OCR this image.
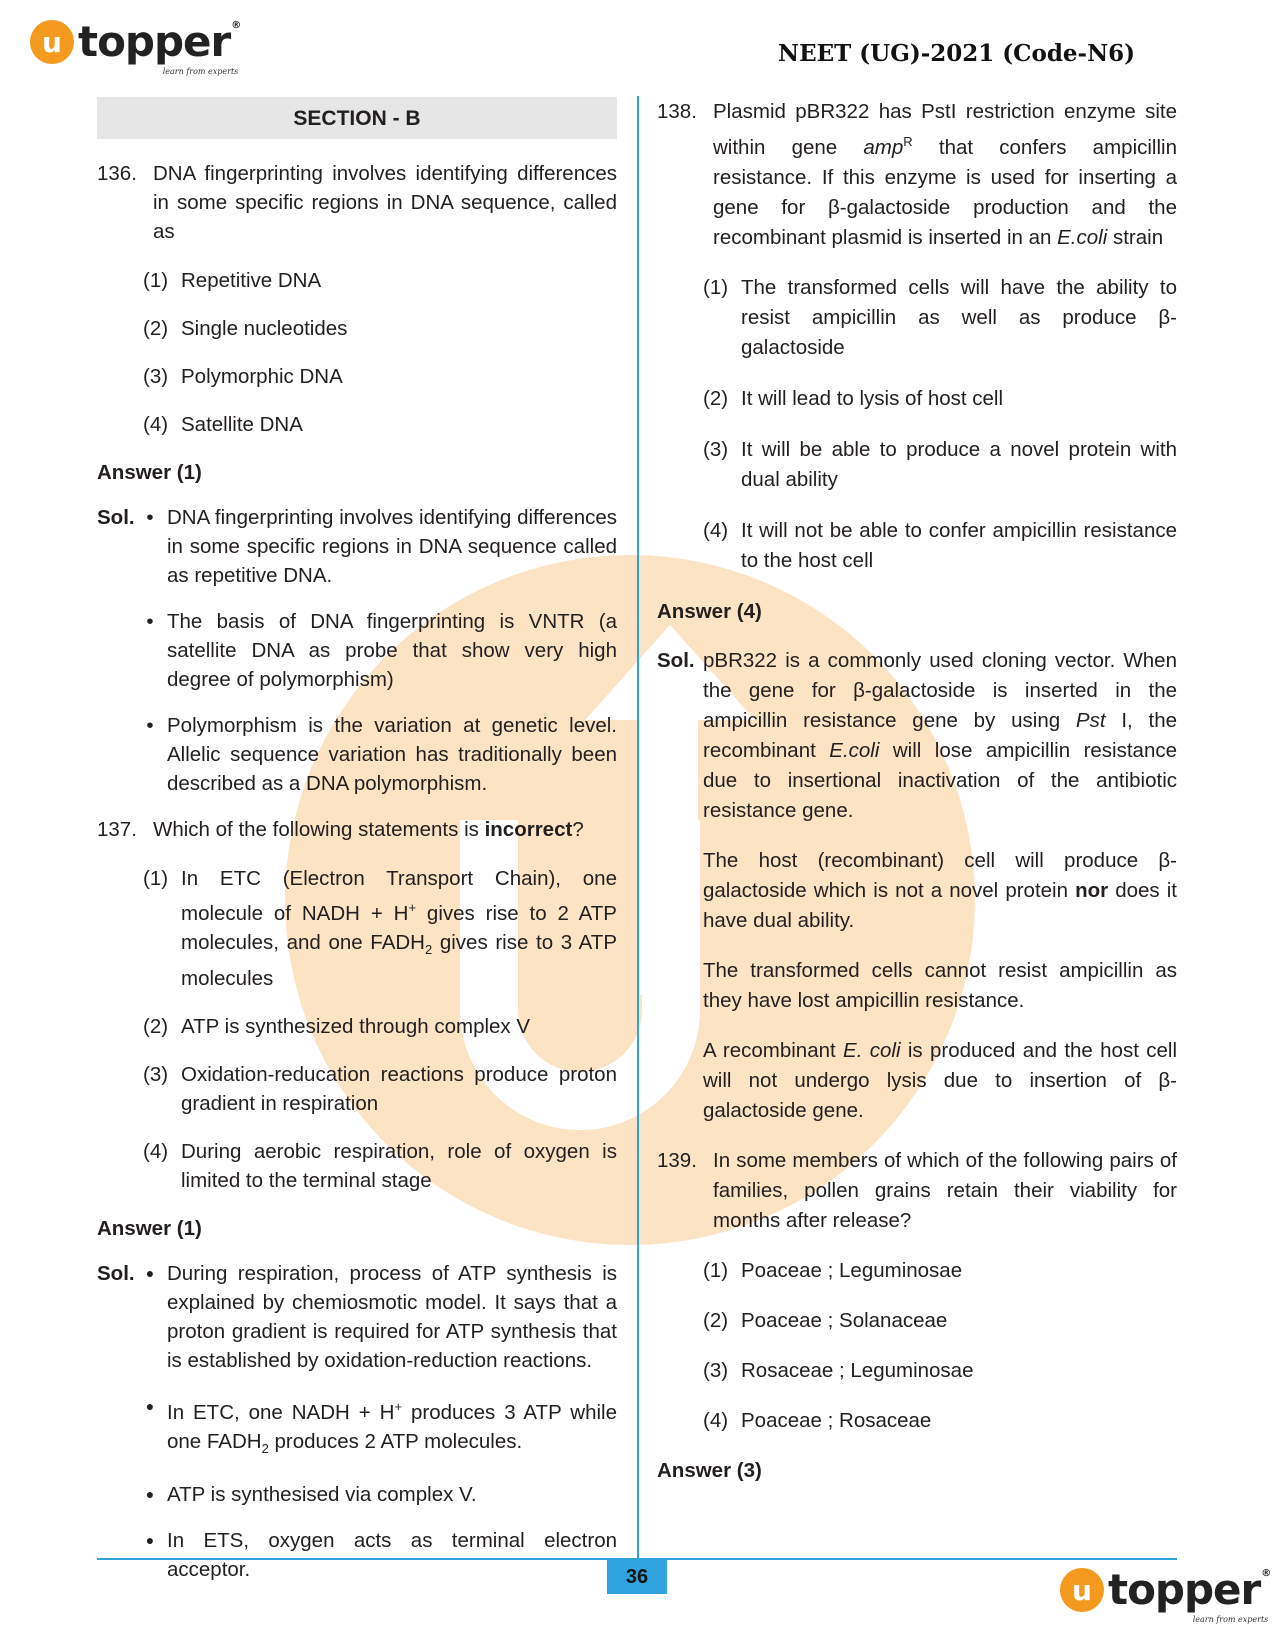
u topper®
learn from experts
NEET (UG)-2021 (Code-N6)
36	u topper®
learn from experts
SECTION - B
136. DNA fingerprinting involves identifying differences in some specific regions in DNA sequence, called as
(1) Repetitive DNA
(2) Single nucleotides
(3) Polymorphic DNA
(4) Satellite DNA
Answer (1)
Sol. • DNA fingerprinting involves identifying differences in some specific regions in DNA sequence called as repetitive DNA.
• The basis of DNA fingerprinting is VNTR (a satellite DNA as probe that show very high degree of polymorphism)
• Polymorphism is the variation at genetic level. Allelic sequence variation has traditionally been described as a DNA polymorphism.
137. Which of the following statements is incorrect?
(1) In ETC (Electron Transport Chain), one molecule of NADH + H+ gives rise to 2 ATP molecules, and one $FADH_2$ gives rise to 3 ATP molecules
(2) ATP is synthesized through complex V
(3) Oxidation-reducation reactions produce proton gradient in respiration
(4) During aerobic respiration, role of oxygen is limited to the terminal stage
Answer (1)
Sol. ● During respiration, process of ATP synthesis is explained by chemiosmotic model. It says that a proton gradient is required for ATP synthesis that is established by oxidation-reduction reactions.
● In ETC, one NADH + H+ produces 3 ATP while one $FADH_2$ produces 2 ATP molecules.
● ATP is synthesised via complex V.
● In ETS, oxygen acts as terminal electron acceptor.
138. Plasmid pBR322 has PstI restriction enzyme site within gene amp$^R$ that confers ampicillin resistance. If this enzyme is used for inserting a gene for β-galactoside production and the recombinant plasmid is inserted in an E.coli strain
(1) The transformed cells will have the ability to resist ampicillin as well as produce β-galactoside
(2) It will lead to lysis of host cell
(3) It will be able to produce a novel protein with dual ability
(4) It will not be able to confer ampicillin resistance to the host cell
Answer (4)
Sol. pBR322 is a commonly used cloning vector. When the gene for β-galactoside is inserted in the ampicillin resistance gene by using Pst I, the recombinant E.coli will lose ampicillin resistance due to insertional inactivation of the antibiotic resistance gene.
The host (recombinant) cell will produce β-galactoside which is not a novel protein nor does it have dual ability.
The transformed cells cannot resist ampicillin as they have lost ampicillin resistance.
A recombinant E. coli is produced and the host cell will not undergo lysis due to insertion of β-galactoside gene.
139. In some members of which of the following pairs of families, pollen grains retain their viability for months after release?
(1) Poaceae ; Leguminosae
(2) Poaceae ; Solanaceae
(3) Rosaceae ; Leguminosae
(4) Poaceae ; Rosaceae
Answer (3)
